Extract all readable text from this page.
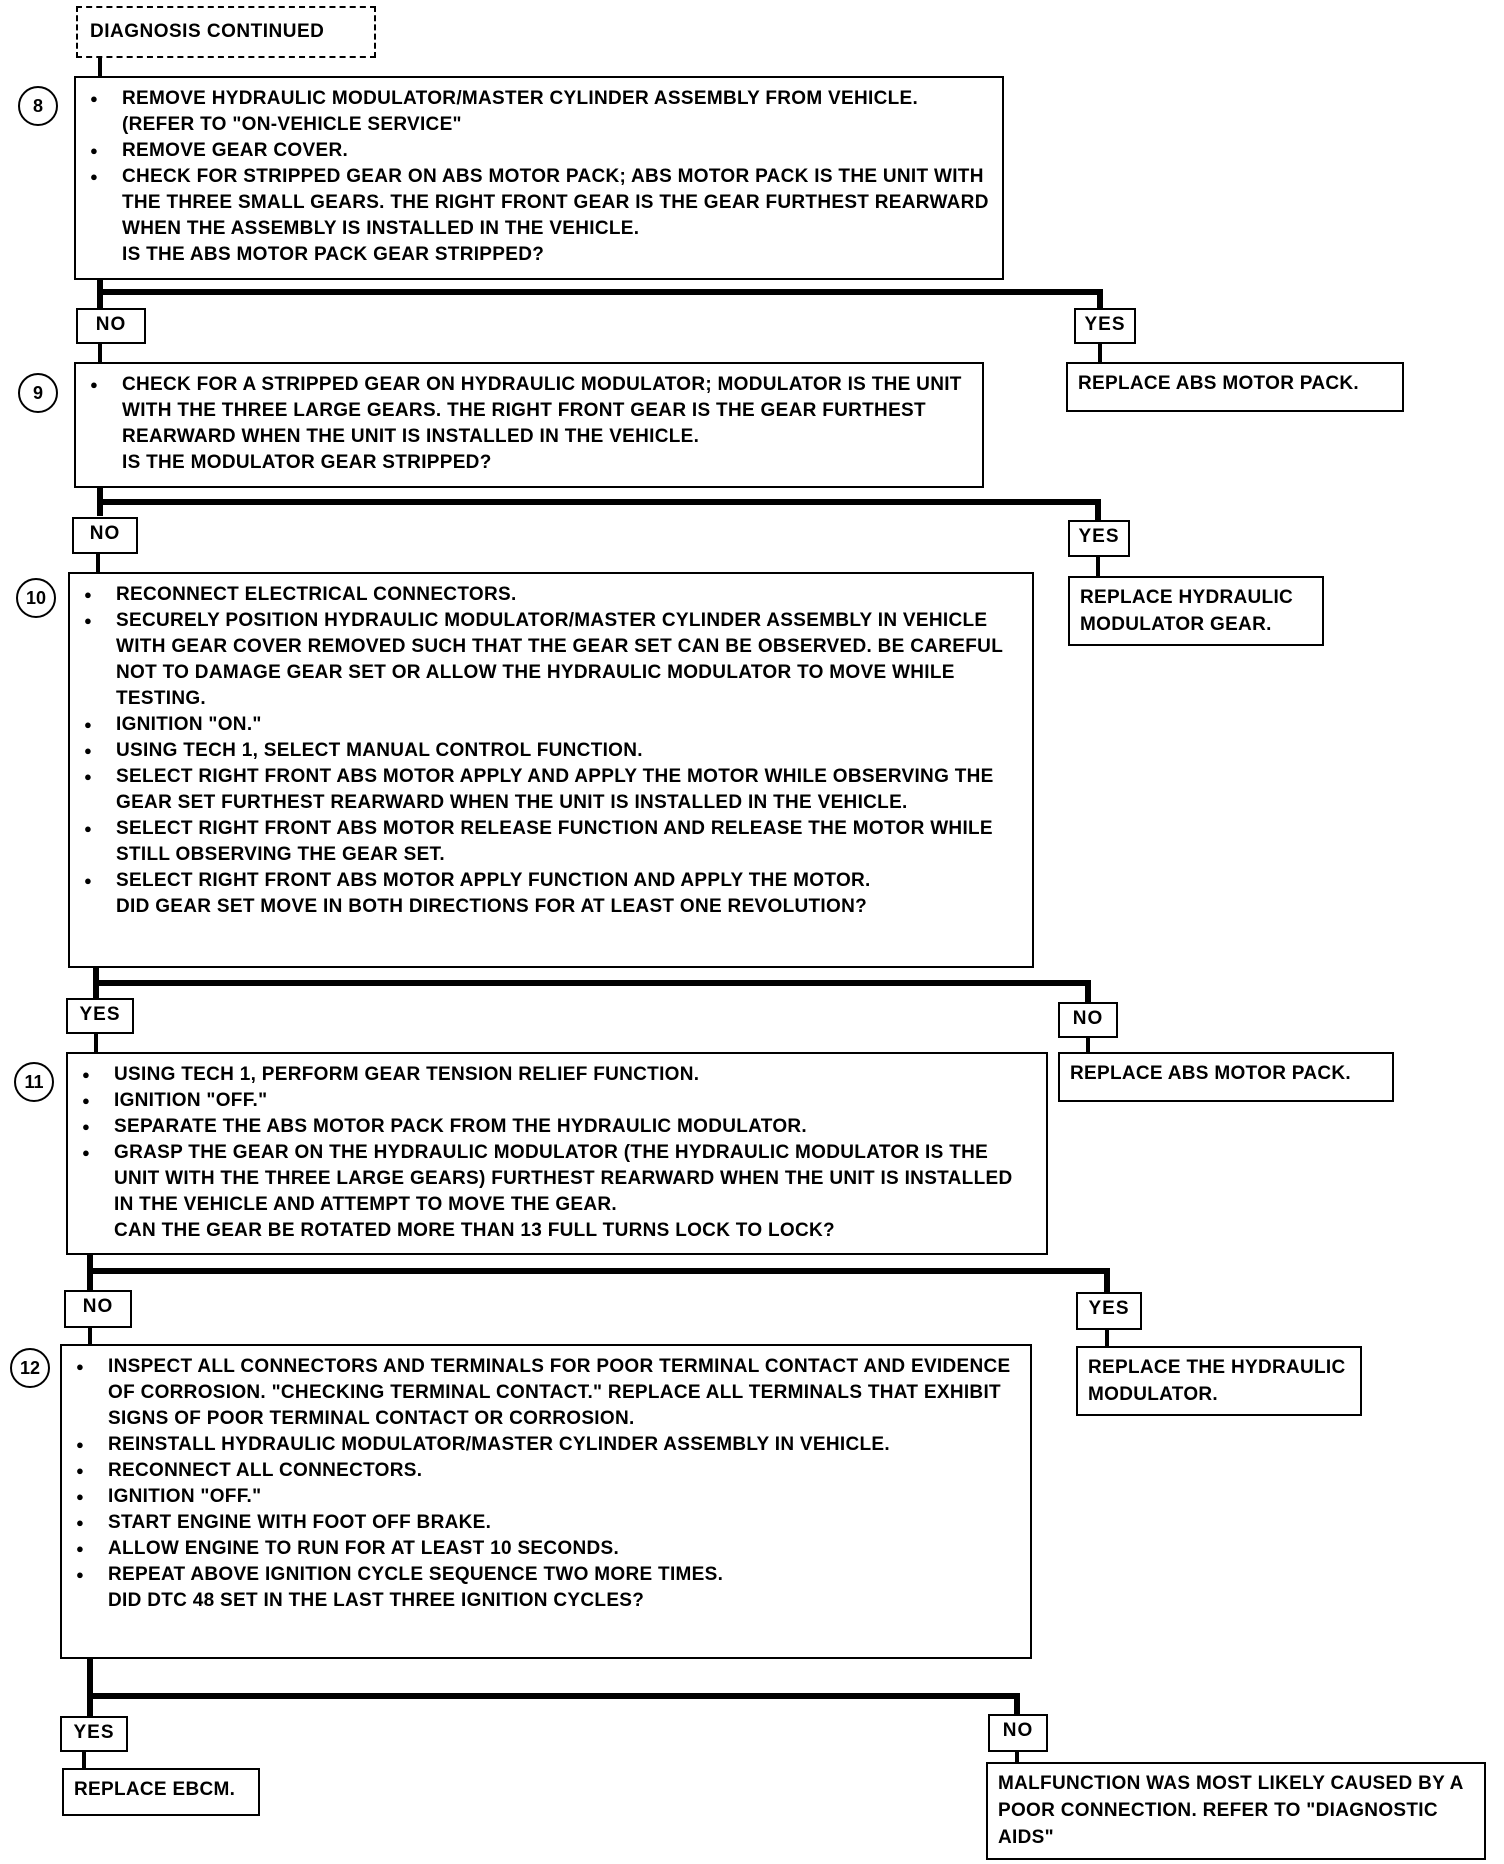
DIAGNOSIS CONTINUED
8	● REMOVE HYDRAULIC MODULATOR/MASTER CYLINDER ASSEMBLY FROM VEHICLE. (REFER TO "ON-VEHICLE SERVICE"
● REMOVE GEAR COVER.
● CHECK FOR STRIPPED GEAR ON ABS MOTOR PACK; ABS MOTOR PACK IS THE UNIT WITH THE THREE SMALL GEARS. THE RIGHT FRONT GEAR IS THE GEAR FURTHEST REARWARD WHEN THE ASSEMBLY IS INSTALLED IN THE VEHICLE.
IS THE ABS MOTOR PACK GEAR STRIPPED?
NO	YES
REPLACE ABS MOTOR PACK.
9	● CHECK FOR A STRIPPED GEAR ON HYDRAULIC MODULATOR; MODULATOR IS THE UNIT WITH THE THREE LARGE GEARS. THE RIGHT FRONT GEAR IS THE GEAR FURTHEST REARWARD WHEN THE UNIT IS INSTALLED IN THE VEHICLE.
IS THE MODULATOR GEAR STRIPPED?
NO	YES
REPLACE HYDRAULIC MODULATOR GEAR.
10	● RECONNECT ELECTRICAL CONNECTORS.
● SECURELY POSITION HYDRAULIC MODULATOR/MASTER CYLINDER ASSEMBLY IN VEHICLE WITH GEAR COVER REMOVED SUCH THAT THE GEAR SET CAN BE OBSERVED. BE CAREFUL NOT TO DAMAGE GEAR SET OR ALLOW THE HYDRAULIC MODULATOR TO MOVE WHILE TESTING.
● IGNITION "ON."
● USING TECH 1, SELECT MANUAL CONTROL FUNCTION.
● SELECT RIGHT FRONT ABS MOTOR APPLY AND APPLY THE MOTOR WHILE OBSERVING THE GEAR SET FURTHEST REARWARD WHEN THE UNIT IS INSTALLED IN THE VEHICLE.
● SELECT RIGHT FRONT ABS MOTOR RELEASE FUNCTION AND RELEASE THE MOTOR WHILE STILL OBSERVING THE GEAR SET.
● SELECT RIGHT FRONT ABS MOTOR APPLY FUNCTION AND APPLY THE MOTOR.
DID GEAR SET MOVE IN BOTH DIRECTIONS FOR AT LEAST ONE REVOLUTION?
YES	NO
REPLACE ABS MOTOR PACK.
11	● USING TECH 1, PERFORM GEAR TENSION RELIEF FUNCTION.
● IGNITION "OFF."
● SEPARATE THE ABS MOTOR PACK FROM THE HYDRAULIC MODULATOR.
● GRASP THE GEAR ON THE HYDRAULIC MODULATOR (THE HYDRAULIC MODULATOR IS THE UNIT WITH THE THREE LARGE GEARS) FURTHEST REARWARD WHEN THE UNIT IS INSTALLED IN THE VEHICLE AND ATTEMPT TO MOVE THE GEAR.
CAN THE GEAR BE ROTATED MORE THAN 13 FULL TURNS LOCK TO LOCK?
NO	YES
REPLACE THE HYDRAULIC MODULATOR.
12	● INSPECT ALL CONNECTORS AND TERMINALS FOR POOR TERMINAL CONTACT AND EVIDENCE OF CORROSION. "CHECKING TERMINAL CONTACT." REPLACE ALL TERMINALS THAT EXHIBIT SIGNS OF POOR TERMINAL CONTACT OR CORROSION.
● REINSTALL HYDRAULIC MODULATOR/MASTER CYLINDER ASSEMBLY IN VEHICLE.
● RECONNECT ALL CONNECTORS.
● IGNITION "OFF."
● START ENGINE WITH FOOT OFF BRAKE.
● ALLOW ENGINE TO RUN FOR AT LEAST 10 SECONDS.
● REPEAT ABOVE IGNITION CYCLE SEQUENCE TWO MORE TIMES.
DID DTC 48 SET IN THE LAST THREE IGNITION CYCLES?
YES	NO
REPLACE EBCM.	MALFUNCTION WAS MOST LIKELY CAUSED BY A POOR CONNECTION. REFER TO "DIAGNOSTIC AIDS"
